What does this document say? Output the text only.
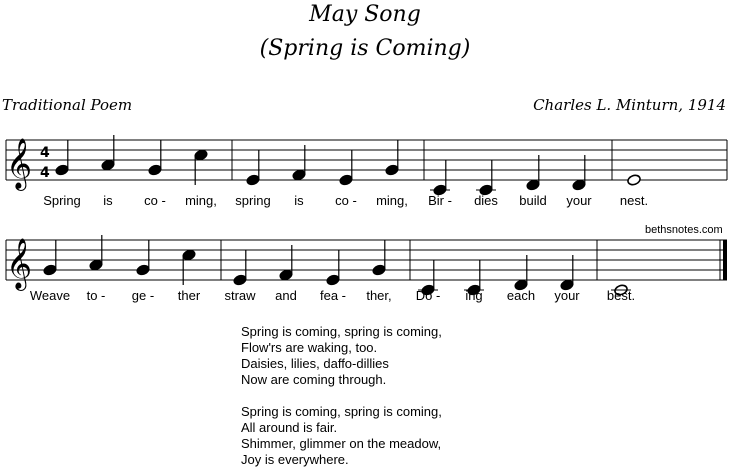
May Song
(Spring is Coming)
Traditional Poem	Charles L. Minturn, 1914
bethsnotes.com
𝄞 4
4
Spring is co - ming, spring is co - ming, Bir - dies build your nest.
𝄞
Weave to - ge - ther straw and fea - ther, Do - ing each your best.
Spring is coming, spring is coming,
Flow'rs are waking, too.
Daisies, lilies, daffo-dillies
Now are coming through.
Spring is coming, spring is coming,
All around is fair.
Shimmer, glimmer on the meadow,
Joy is everywhere.
